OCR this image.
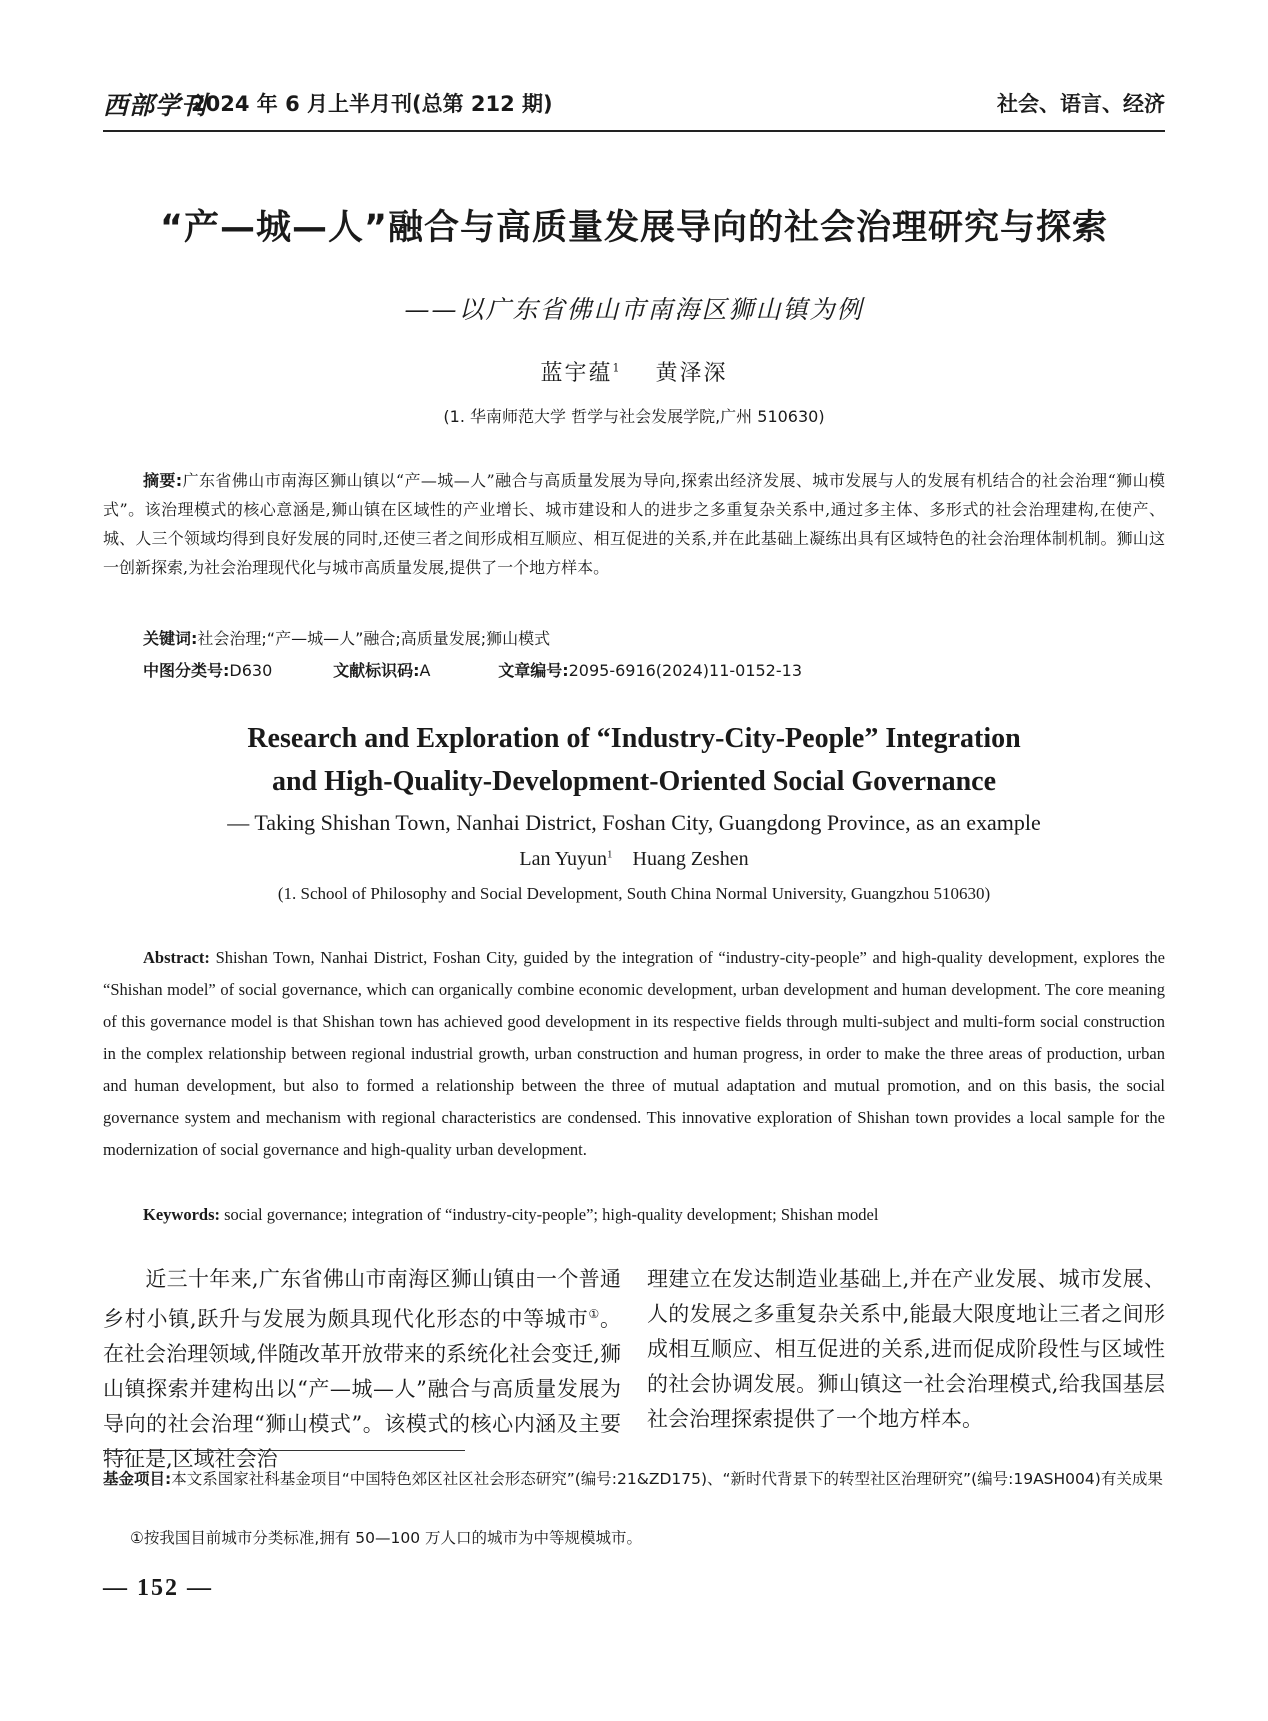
西部学刊
2024 年 6 月上半月刊(总第 212 期)	社会、语言、经济
“产—城—人”融合与高质量发展导向的社会治理研究与探索
——以广东省佛山市南海区狮山镇为例
蓝宇蕴$^1$ 黄泽深
(1. 华南师范大学 哲学与社会发展学院,广州 510630)
摘要:广东省佛山市南海区狮山镇以“产—城—人”融合与高质量发展为导向,探索出经济发展、城市发展与人的发展有机结合的社会治理“狮山模式”。该治理模式的核心意涵是,狮山镇在区域性的产业增长、城市建设和人的进步之多重复杂关系中,通过多主体、多形式的社会治理建构,在使产、城、人三个领域均得到良好发展的同时,还使三者之间形成相互顺应、相互促进的关系,并在此基础上凝练出具有区域特色的社会治理体制机制。狮山这一创新探索,为社会治理现代化与城市高质量发展,提供了一个地方样本。
关键词:社会治理;“产—城—人”融合;高质量发展;狮山模式
中图分类号:D630	文献标识码:A	文章编号:2095-6916(2024)11-0152-13
Research and Exploration of “Industry-City-People” Integration
and High-Quality-Development-Oriented Social Governance
— Taking Shishan Town, Nanhai District, Foshan City, Guangdong Province, as an example
Lan Yuyun$^1$ Huang Zeshen
(1. School of Philosophy and Social Development, South China Normal University, Guangzhou 510630)
Abstract: Shishan Town, Nanhai District, Foshan City, guided by the integration of “industry-city-people” and high-quality development, explores the “Shishan model” of social governance, which can organically combine economic development, urban development and human development. The core meaning of this governance model is that Shishan town has achieved good development in its respective fields through multi-subject and multi-form social construction in the complex relationship between regional industrial growth, urban construction and human progress, in order to make the three areas of production, urban and human development, but also to formed a relationship between the three of mutual adaptation and mutual promotion, and on this basis, the social governance system and mechanism with regional characteristics are condensed. This innovative exploration of Shishan town provides a local sample for the modernization of social governance and high-quality urban development.
Keywords: social governance; integration of “industry-city-people”; high-quality development; Shishan model
近三十年来,广东省佛山市南海区狮山镇由一个普通乡村小镇,跃升与发展为颇具现代化形态的中等城市①。在社会治理领域,伴随改革开放带来的系统化社会变迁,狮山镇探索并建构出以“产—城—人”融合与高质量发展为导向的社会治理“狮山模式”。该模式的核心内涵及主要特征是,区域社会治
理建立在发达制造业基础上,并在产业发展、城市发展、人的发展之多重复杂关系中,能最大限度地让三者之间形成相互顺应、相互促进的关系,进而促成阶段性与区域性的社会协调发展。狮山镇这一社会治理模式,给我国基层社会治理探索提供了一个地方样本。
基金项目:本文系国家社科基金项目“中国特色郊区社区社会形态研究”(编号:21&ZD175)、“新时代背景下的转型社区治理研究”(编号:19ASH004)有关成果
①按我国目前城市分类标准,拥有 50—100 万人口的城市为中等规模城市。
— 152 —
